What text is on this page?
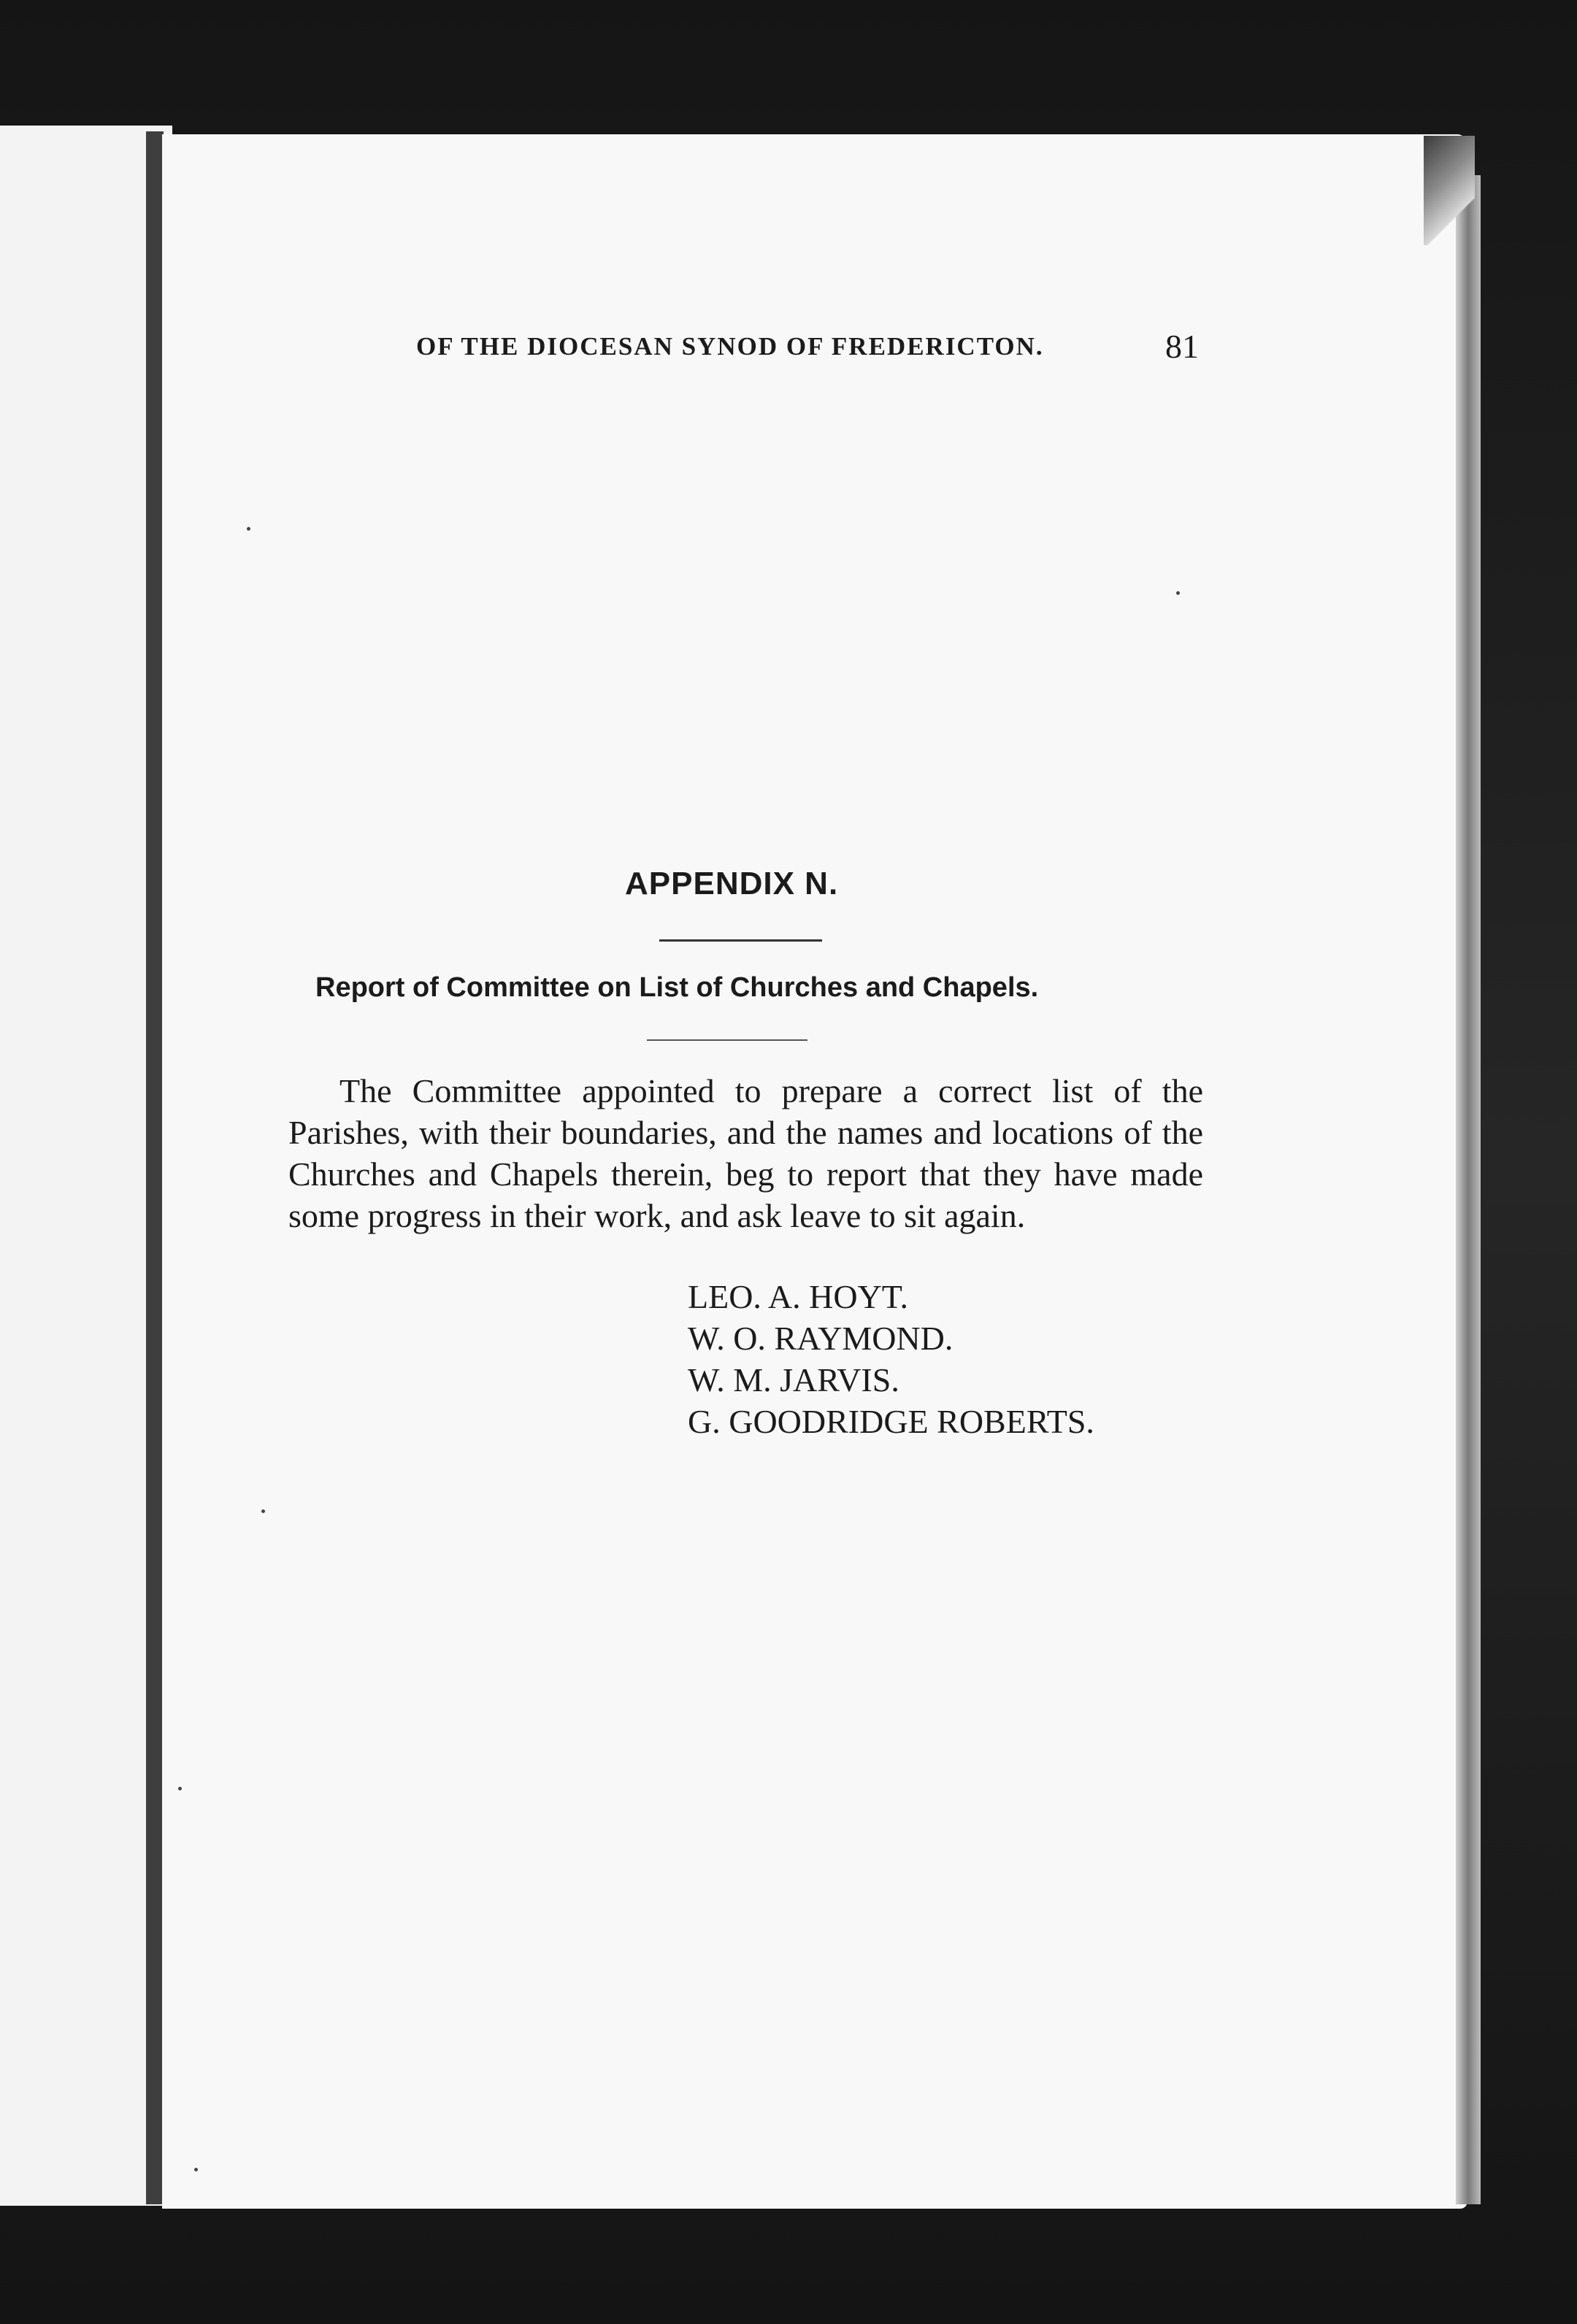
OF THE DIOCESAN SYNOD OF FREDERICTON.	81

APPENDIX N.
Report of Committee on List of Churches and Chapels.

The Committee appointed to prepare a correct list of the Parishes, with their boundaries, and the names and locations of the Churches and Chapels therein, beg to report that they have made some progress in their work, and ask leave to sit again.

LEO. A. HOYT.
W. O. RAYMOND.
W. M. JARVIS.
G. GOODRIDGE ROBERTS.
